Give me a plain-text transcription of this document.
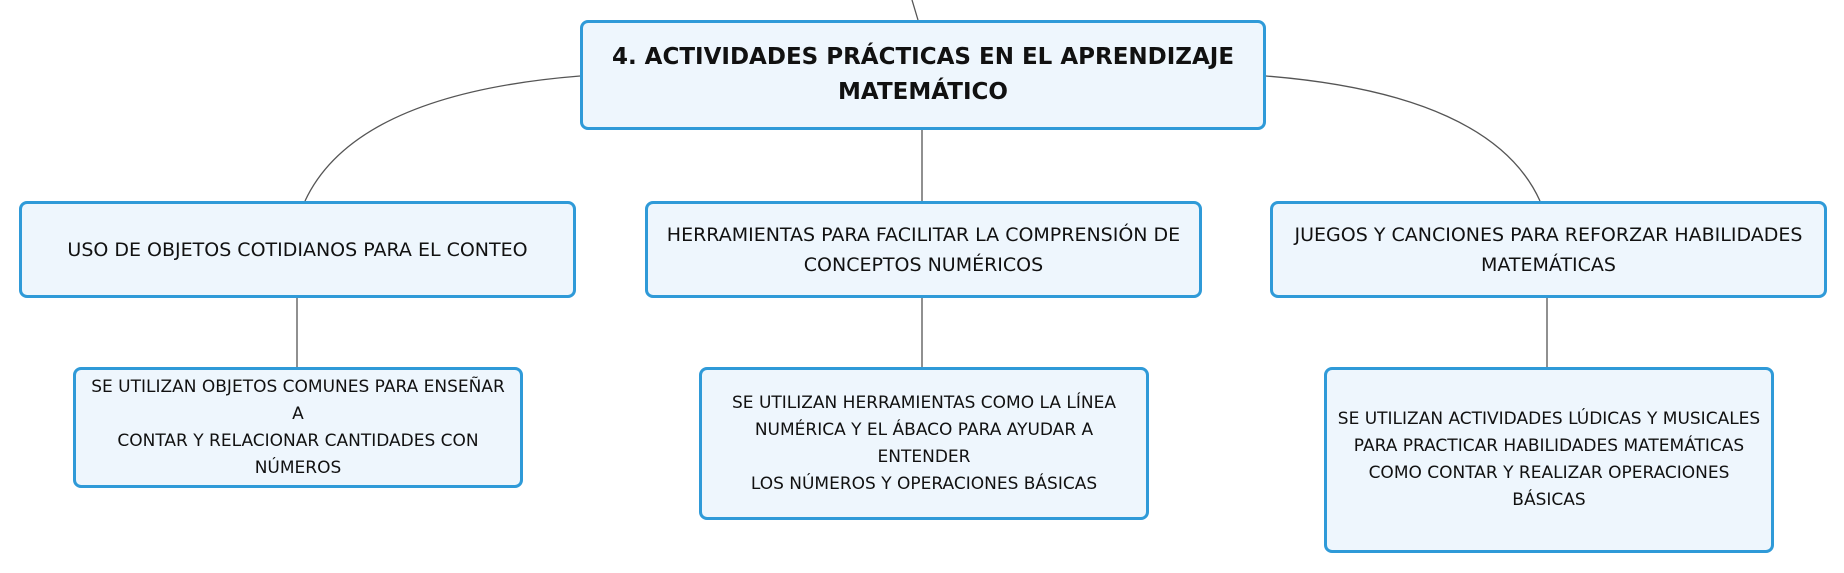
4. ACTIVIDADES PRÁCTICAS EN EL APRENDIZAJE
MATEMÁTICO
USO DE OBJETOS COTIDIANOS PARA EL CONTEO
HERRAMIENTAS PARA FACILITAR LA COMPRENSIÓN DE
CONCEPTOS NUMÉRICOS
JUEGOS Y CANCIONES PARA REFORZAR HABILIDADES
MATEMÁTICAS
SE UTILIZAN OBJETOS COMUNES PARA ENSEÑAR A
CONTAR Y RELACIONAR CANTIDADES CON
NÚMEROS
SE UTILIZAN HERRAMIENTAS COMO LA LÍNEA
NUMÉRICA Y EL ÁBACO PARA AYUDAR A ENTENDER
LOS NÚMEROS Y OPERACIONES BÁSICAS
SE UTILIZAN ACTIVIDADES LÚDICAS Y MUSICALES
PARA PRACTICAR HABILIDADES MATEMÁTICAS
COMO CONTAR Y REALIZAR OPERACIONES BÁSICAS
